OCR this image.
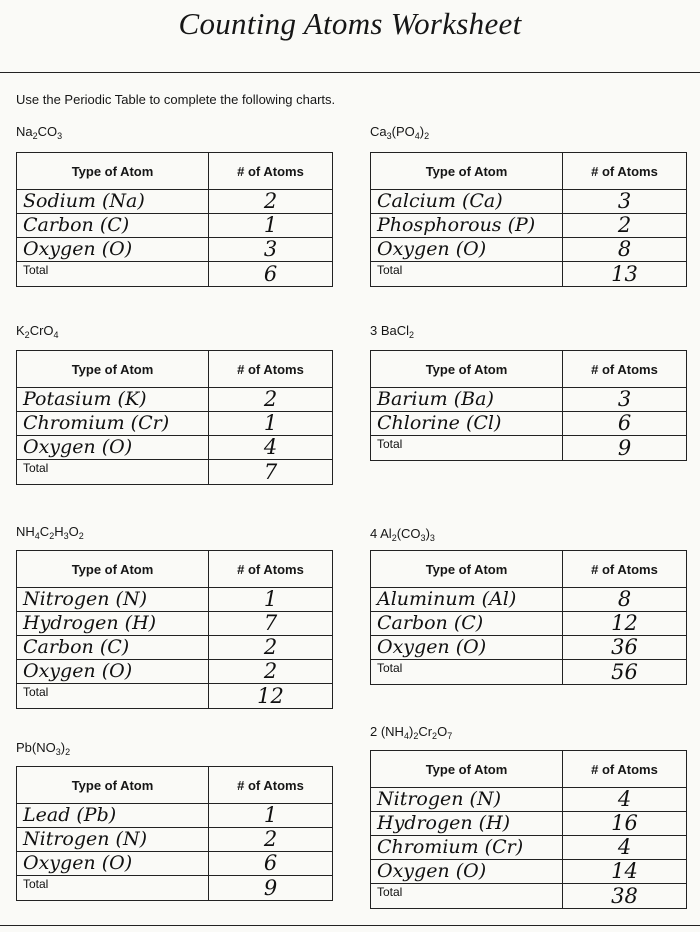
Counting Atoms Worksheet
Use the Periodic Table to complete the following charts.
$Na_2CO_3$
Type of Atom	# of Atoms
Sodium (Na)	2
Carbon (C)	1
Oxygen (O)	3
Total	6
$Ca_3(PO_4)_2$
Type of Atom	# of Atoms
Calcium (Ca)	3
Phosphorous (P)	2
Oxygen (O)	8
Total	13
$K_2CrO_4$
Type of Atom	# of Atoms
Potasium (K)	2
Chromium (Cr)	1
Oxygen (O)	4
Total	7
3 BaCl$_2$
Type of Atom	# of Atoms
Barium (Ba)	3
Chlorine (Cl)	6
Total	9
$NH_4C_2H_3O_2$
Type of Atom	# of Atoms
Nitrogen (N)	1
Hydrogen (H)	7
Carbon (C)	2
Oxygen (O)	2
Total	12
4 $Al_2(CO_3)_3$
Type of Atom	# of Atoms
Aluminum (Al)	8
Carbon (C)	12
Oxygen (O)	36
Total	56
$Pb(NO_3)_2$
Type of Atom	# of Atoms
Lead (Pb)	1
Nitrogen (N)	2
Oxygen (O)	6
Total	9
2 $(NH_4)_2Cr_2O_7$
Type of Atom	# of Atoms
Nitrogen (N)	4
Hydrogen (H)	16
Chromium (Cr)	4
Oxygen (O)	14
Total	38
